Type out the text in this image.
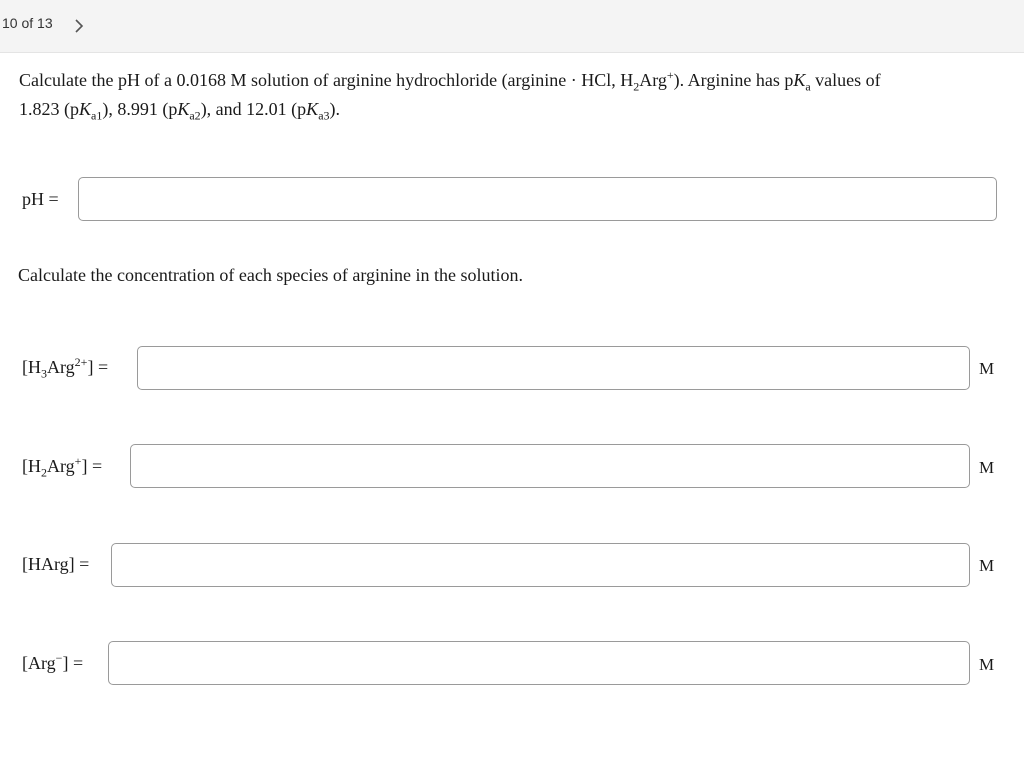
10 of 13
Calculate the pH of a 0.0168 M solution of arginine hydrochloride (arginine · HCl, $H_2Arg^+$). Arginine has $pK_a$ values of
1.823 $(pK_{a1})$, 8.991 $(pK_{a2})$, and 12.01 $(pK_{a3})$.
pH =
Calculate the concentration of each species of arginine in the solution.
$[H_3Arg^{2+}]$ =	M
$[H_2Arg^+]$ =	M
[HArg] =	M
[Arg−] =	M
